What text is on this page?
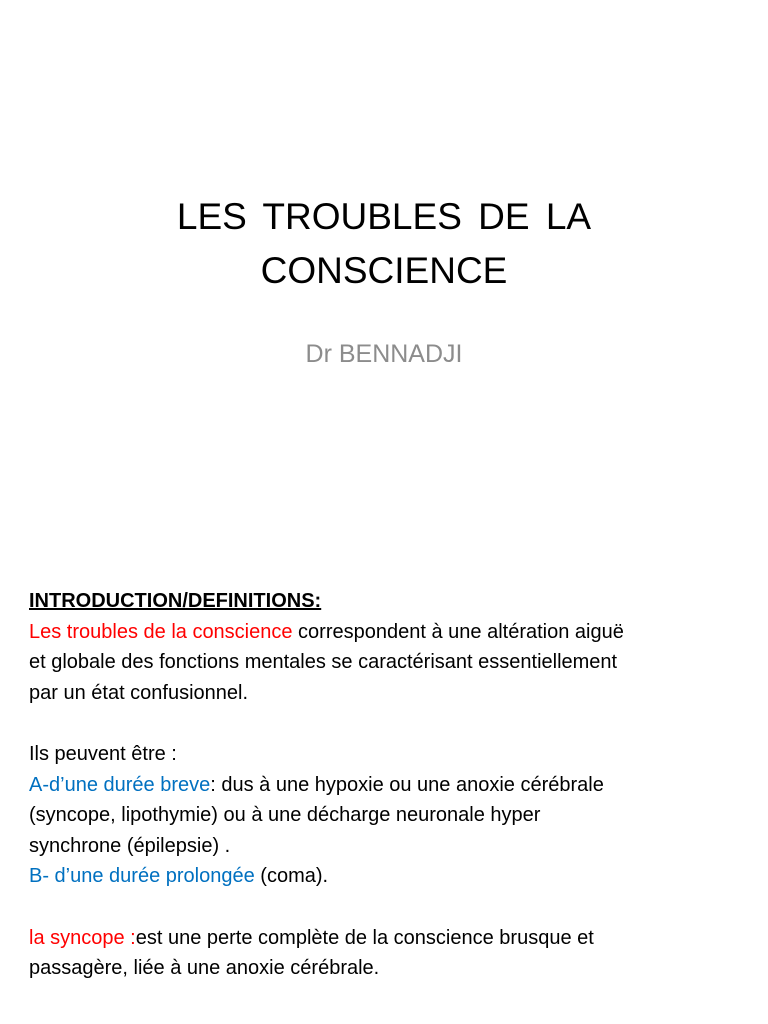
LES TROUBLES DE LA
CONSCIENCE

Dr BENNADJI

INTRODUCTION/DEFINITIONS:

Les troubles de la conscience correspondent à une altération aiguë

et globale des fonctions mentales se caractérisant essentiellement

par un état confusionnel.

Ils peuvent être :

A-d’une durée breve: dus à une hypoxie ou une anoxie cérébrale

(syncope, lipothymie) ou à une décharge neuronale hyper

synchrone (épilepsie) .

B- d’une durée prolongée (coma).

la syncope :est une perte complète de la conscience brusque et

passagère, liée à une anoxie cérébrale.
